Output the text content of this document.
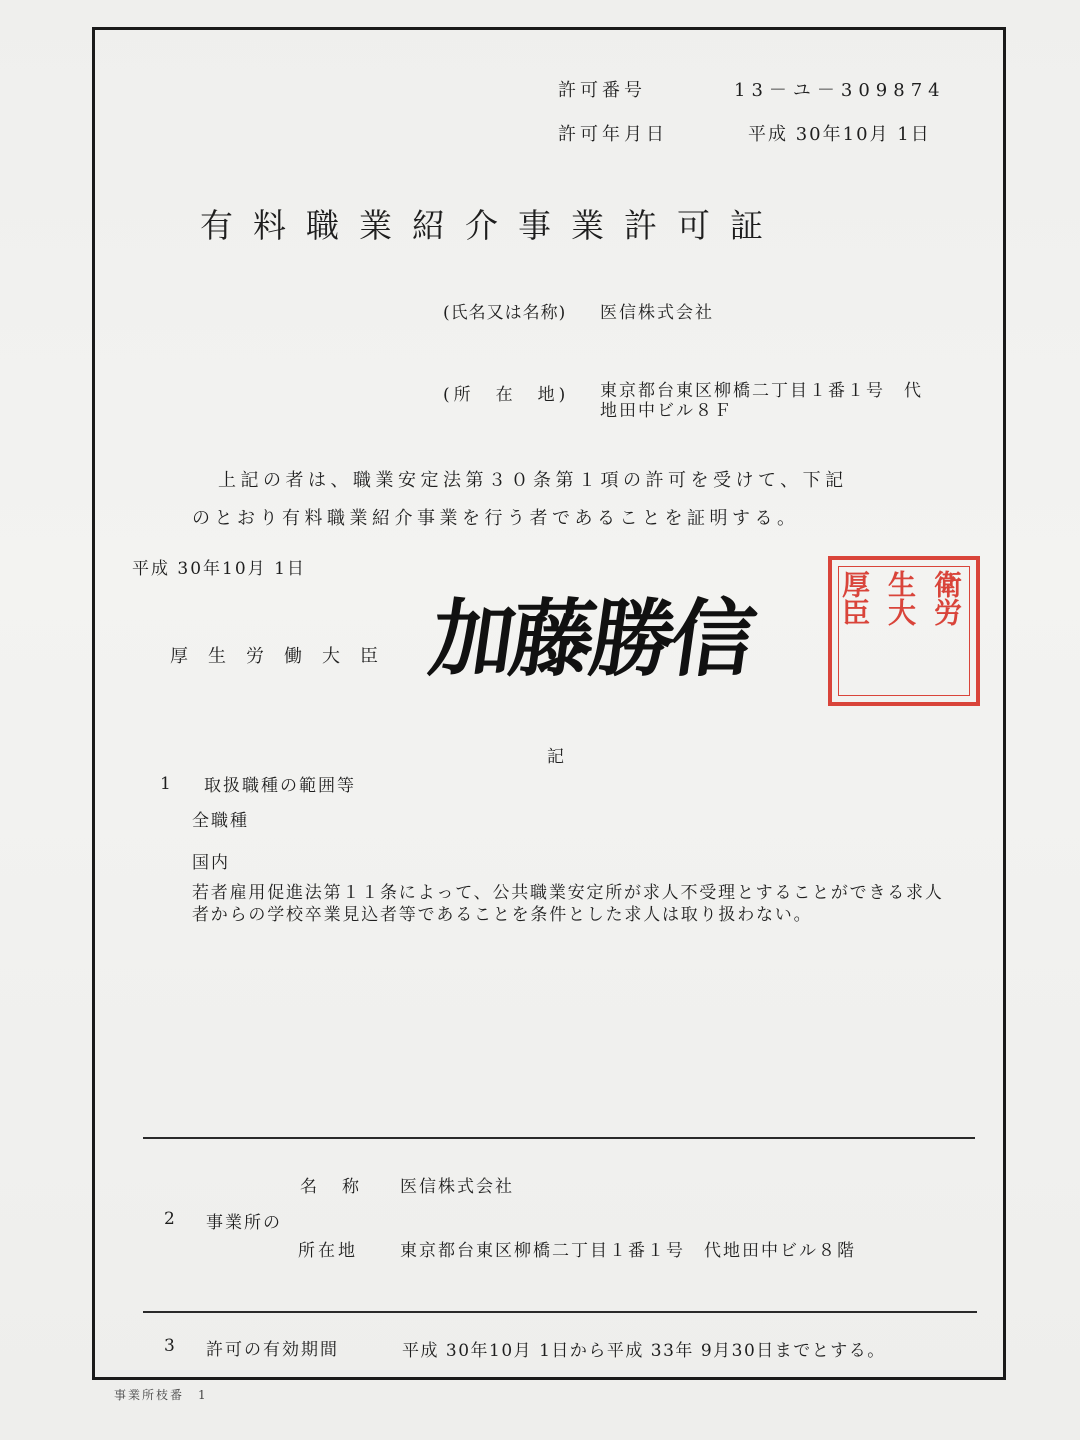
許可番号	13－ユ－309874
許可年月日	平成 30年10月 1日
有料職業紹介事業許可証
(氏名又は名称) 医信株式会社
(所　在　地) 東京都台東区柳橋二丁目１番１号　代
地田中ビル８Ｆ
上記の者は、職業安定法第３０条第１項の許可を受けて、下記
のとおり有料職業紹介事業を行う者であることを証明する。
平成 30年10月 1日
厚生労働大臣 加藤勝信	衛労
生大
厚臣
記
1 取扱職種の範囲等
全職種
国内
若者雇用促進法第１１条によって、公共職業安定所が求人不受理とすることができる求人者からの学校卒業見込者等であることを条件とした求人は取り扱わない。
名　称 医信株式会社
2 事業所の
所在地 東京都台東区柳橋二丁目１番１号　代地田中ビル８階
3 許可の有効期間	平成 30年10月 1日から平成 33年 9月30日までとする。
事業所枝番　1
